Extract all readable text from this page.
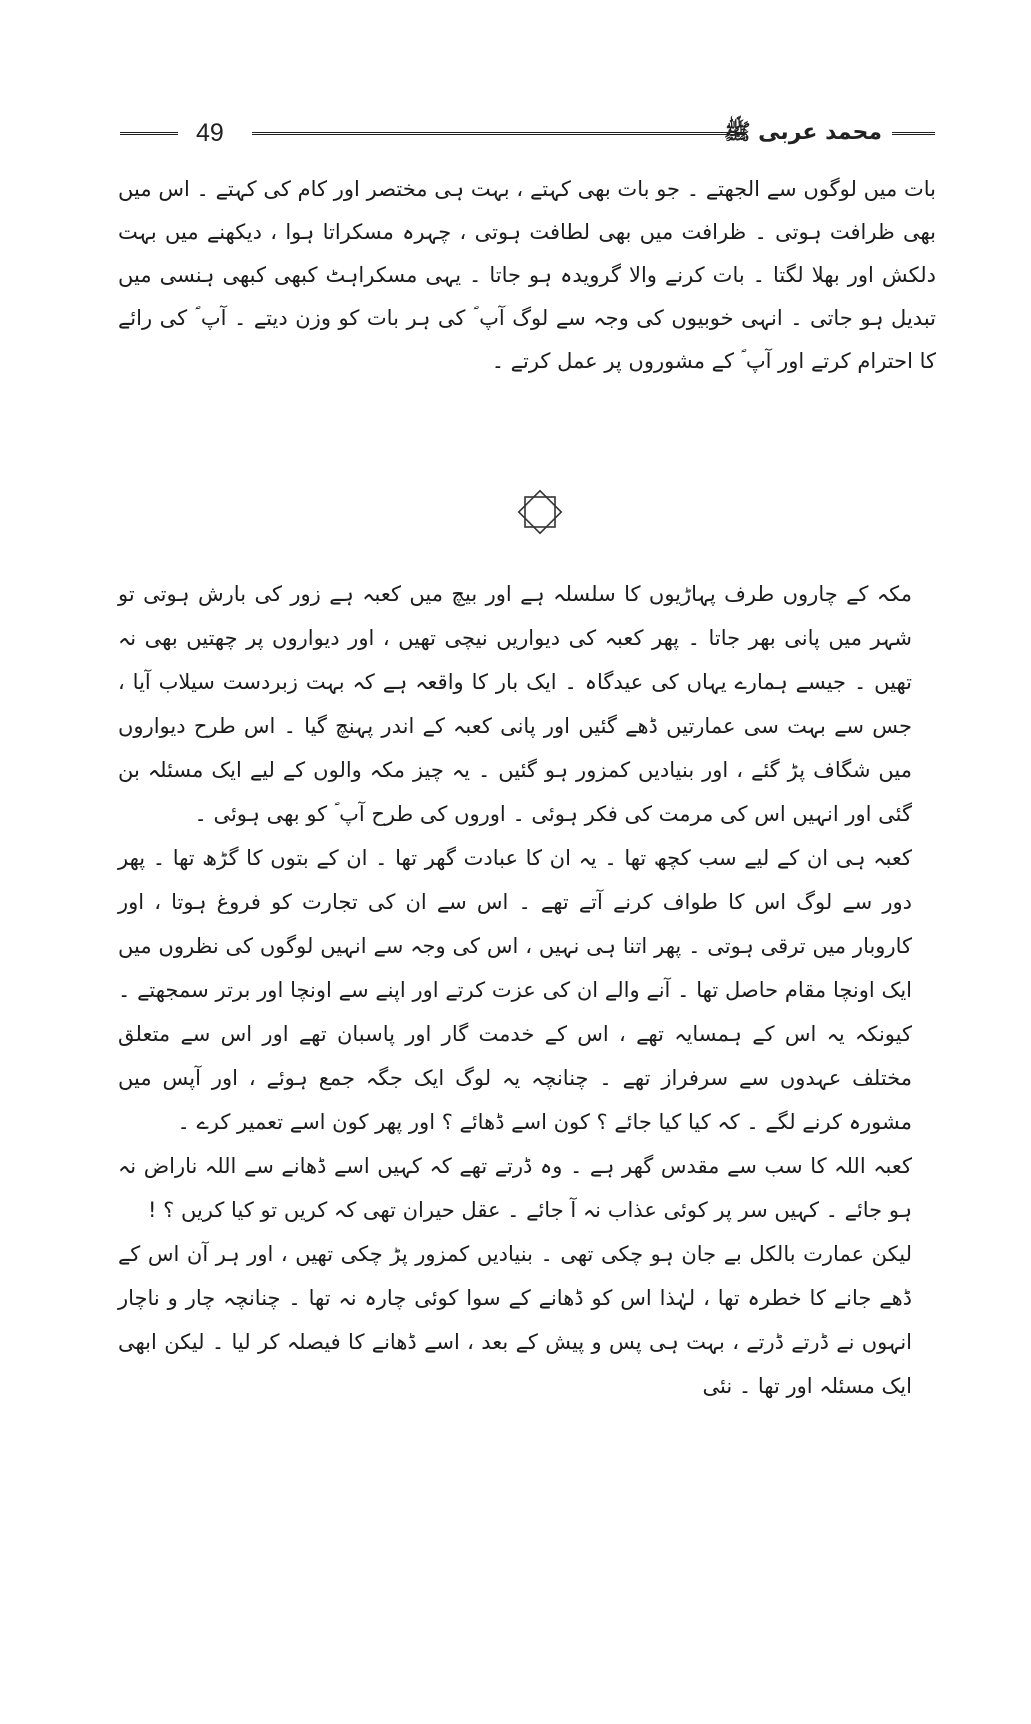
49	محمد عربی ﷺ

بات میں لوگوں سے الجھتے ۔ جو بات بھی کہتے ، بہت ہی مختصر اور کام کی کہتے ۔ اس میں بھی ظرافت ہوتی ۔ ظرافت میں بھی لطافت ہوتی ، چہرہ مسکراتا ہوا ، دیکھنے میں بہت دلکش اور بھلا لگتا ۔ بات کرنے والا گرویدہ ہو جاتا ۔ یہی مسکراہٹ کبھی کبھی ہنسی میں تبدیل ہو جاتی ۔ انہی خوبیوں کی وجہ سے لوگ آپ ؐ کی ہر بات کو وزن دیتے ۔ آپ ؐ کی رائے کا احترام کرتے اور آپ ؐ کے مشوروں پر عمل کرتے ۔

مکہ کے چاروں طرف پہاڑیوں کا سلسلہ ہے اور بیچ میں کعبہ ہے زور کی بارش ہوتی تو شہر میں پانی بھر جاتا ۔ پھر کعبہ کی دیواریں نیچی تھیں ، اور دیواروں پر چھتیں بھی نہ تھیں ۔ جیسے ہمارے یہاں کی عیدگاہ ۔ ایک بار کا واقعہ ہے کہ بہت زبردست سیلاب آیا ، جس سے بہت سی عمارتیں ڈھے گئیں اور پانی کعبہ کے اندر پہنچ گیا ۔ اس طرح دیواروں میں شگاف پڑ گئے ، اور بنیادیں کمزور ہو گئیں ۔ یہ چیز مکہ والوں کے لیے ایک مسئلہ بن گئی اور انہیں اس کی مرمت کی فکر ہوئی ۔ اوروں کی طرح آپ ؐ کو بھی ہوئی ۔

کعبہ ہی ان کے لیے سب کچھ تھا ۔ یہ ان کا عبادت گھر تھا ۔ ان کے بتوں کا گڑھ تھا ۔ پھر دور سے لوگ اس کا طواف کرنے آتے تھے ۔ اس سے ان کی تجارت کو فروغ ہوتا ، اور کاروبار میں ترقی ہوتی ۔ پھر اتنا ہی نہیں ، اس کی وجہ سے انہیں لوگوں کی نظروں میں ایک اونچا مقام حاصل تھا ۔ آنے والے ان کی عزت کرتے اور اپنے سے اونچا اور برتر سمجھتے ۔ کیونکہ یہ اس کے ہمسایہ تھے ، اس کے خدمت گار اور پاسبان تھے اور اس سے متعلق مختلف عہدوں سے سرفراز تھے ۔ چنانچہ یہ لوگ ایک جگہ جمع ہوئے ، اور آپس میں مشورہ کرنے لگے ۔ کہ کیا کیا جائے ؟ کون اسے ڈھائے ؟ اور پھر کون اسے تعمیر کرے ۔

کعبہ اللہ کا سب سے مقدس گھر ہے ۔ وہ ڈرتے تھے کہ کہیں اسے ڈھانے سے اللہ ناراض نہ ہو جائے ۔ کہیں سر پر کوئی عذاب نہ آ جائے ۔ عقل حیران تھی کہ کریں تو کیا کریں ؟ !

لیکن عمارت بالکل بے جان ہو چکی تھی ۔ بنیادیں کمزور پڑ چکی تھیں ، اور ہر آن اس کے ڈھے جانے کا خطرہ تھا ، لہٰذا اس کو ڈھانے کے سوا کوئی چارہ نہ تھا ۔ چنانچہ چار و ناچار انہوں نے ڈرتے ڈرتے ، بہت ہی پس و پیش کے بعد ، اسے ڈھانے کا فیصلہ کر لیا ۔ لیکن ابھی ایک مسئلہ اور تھا ۔ نئی
